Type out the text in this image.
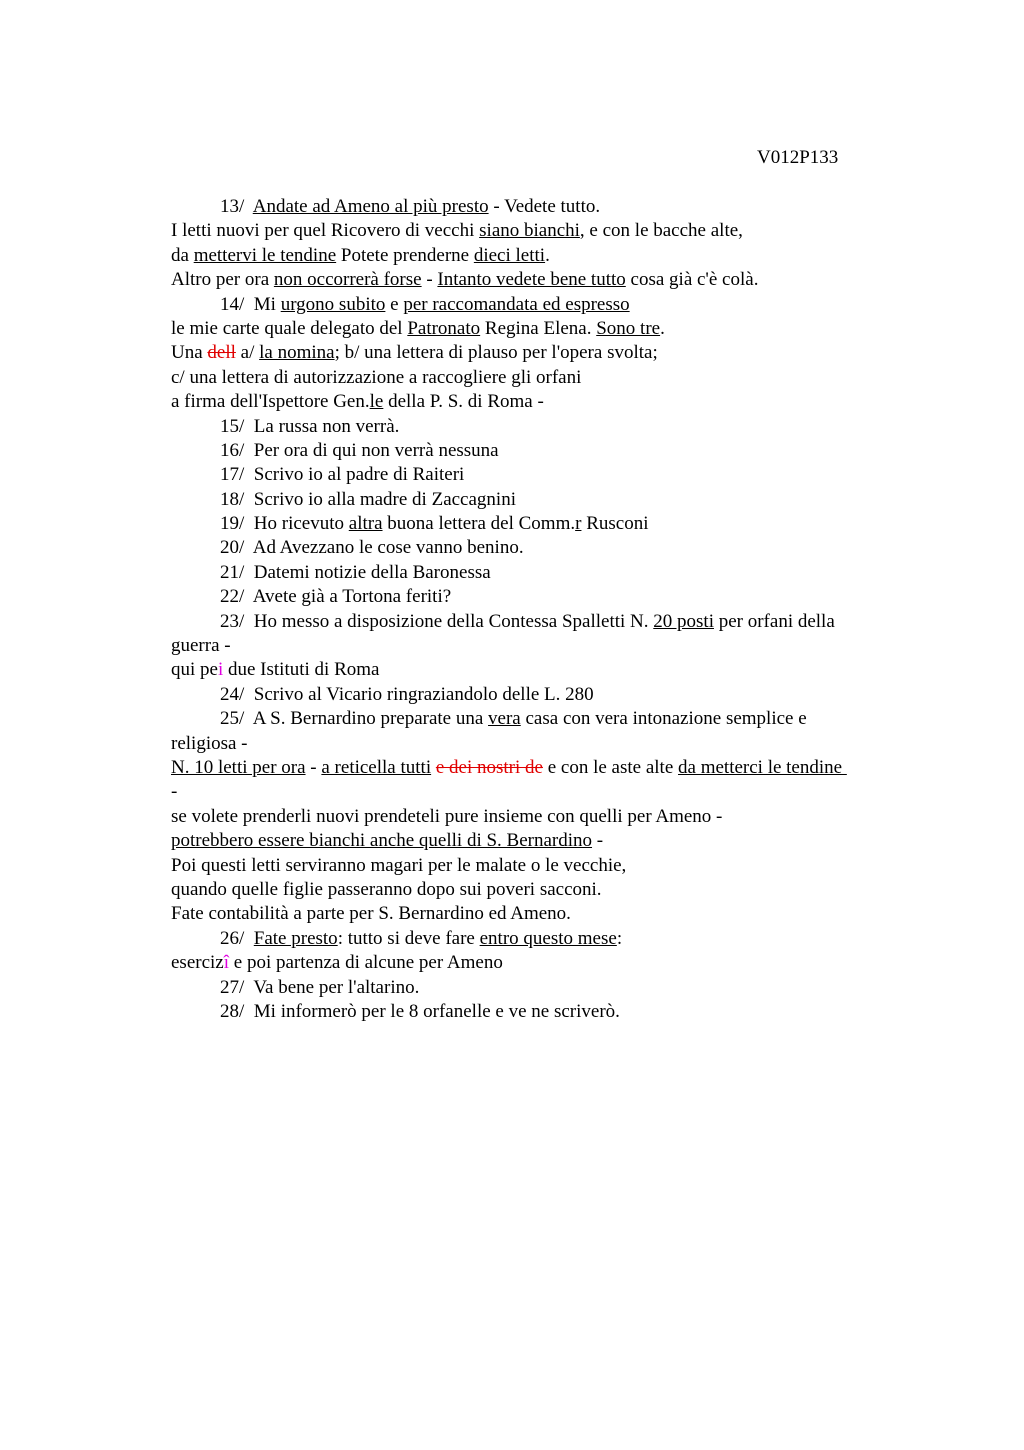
V012P133
13/  Andate ad Ameno al più presto - Vedete tutto.
I letti nuovi per quel Ricovero di vecchi siano bianchi, e con le bacche alte,
da mettervi le tendine Potete prenderne dieci letti.
Altro per ora non occorrerà forse - Intanto vedete bene tutto cosa già c'è colà.
14/  Mi urgono subito e per raccomandata ed espresso
le mie carte quale delegato del Patronato Regina Elena. Sono tre.
Una dell a/ la nomina; b/ una lettera di plauso per l'opera svolta;
c/ una lettera di autorizzazione a raccogliere gli orfani
a firma dell'Ispettore Gen.le della P. S. di Roma -
15/  La russa non verrà.
16/  Per ora di qui non verrà nessuna
17/  Scrivo io al padre di Raiteri
18/  Scrivo io alla madre di Zaccagnini
19/  Ho ricevuto altra buona lettera del Comm.r Rusconi
20/  Ad Avezzano le cose vanno benino.
21/  Datemi notizie della Baronessa
22/  Avete già a Tortona feriti?
23/  Ho messo a disposizione della Contessa Spalletti N. 20 posti per orfani della
guerra -
qui pei due Istituti di Roma
24/  Scrivo al Vicario ringraziandolo delle L. 280
25/  A S. Bernardino preparate una vera casa con vera intonazione semplice e
religiosa -
N. 10 letti per ora - a reticella tutti e dei nostri de e con le aste alte da metterci le tendine
-
se volete prenderli nuovi prendeteli pure insieme con quelli per Ameno -
potrebbero essere bianchi anche quelli di S. Bernardino -
Poi questi letti serviranno magari per le malate o le vecchie,
quando quelle figlie passeranno dopo sui poveri sacconi.
Fate contabilità a parte per S. Bernardino ed Ameno.
26/  Fate presto: tutto si deve fare entro questo mese:
esercizî e poi partenza di alcune per Ameno
27/  Va bene per l'altarino.
28/  Mi informerò per le 8 orfanelle e ve ne scriverò.
